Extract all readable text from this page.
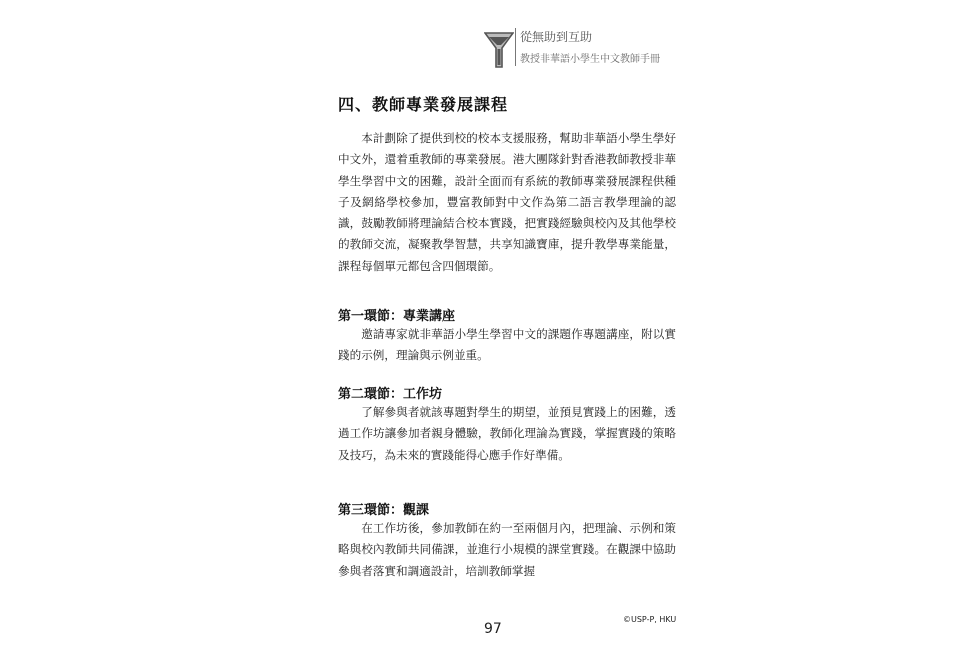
從無助到互助
教授非華語小學生中文教師手冊
四、教師專業發展課程

本計劃除了提供到校的校本支援服務，幫助非華語小學生學好中文外，還着重教師的專業發展。港大團隊針對香港教師教授非華學生學習中文的困難，設計全面而有系統的教師專業發展課程供種子及網絡學校參加，豐富教師對中文作為第二語言教學理論的認識，鼓勵教師將理論結合校本實踐，把實踐經驗與校內及其他學校的教師交流，凝聚教學智慧，共享知識寶庫，提升教學專業能量，課程每個單元都包含四個環節。

第一環節：專業講座

邀請專家就非華語小學生學習中文的課題作專題講座，附以實踐的示例，理論與示例並重。

第二環節：工作坊

了解參與者就該專題對學生的期望，並預見實踐上的困難，透過工作坊讓參加者親身體驗，教師化理論為實踐，掌握實踐的策略及技巧，為未來的實踐能得心應手作好準備。

第三環節：觀課

在工作坊後，參加教師在約一至兩個月內，把理論、示例和策略與校內教師共同備課，並進行小規模的課堂實踐。在觀課中協助參與者落實和調適設計，培訓教師掌握

©USP-P, HKU
97
